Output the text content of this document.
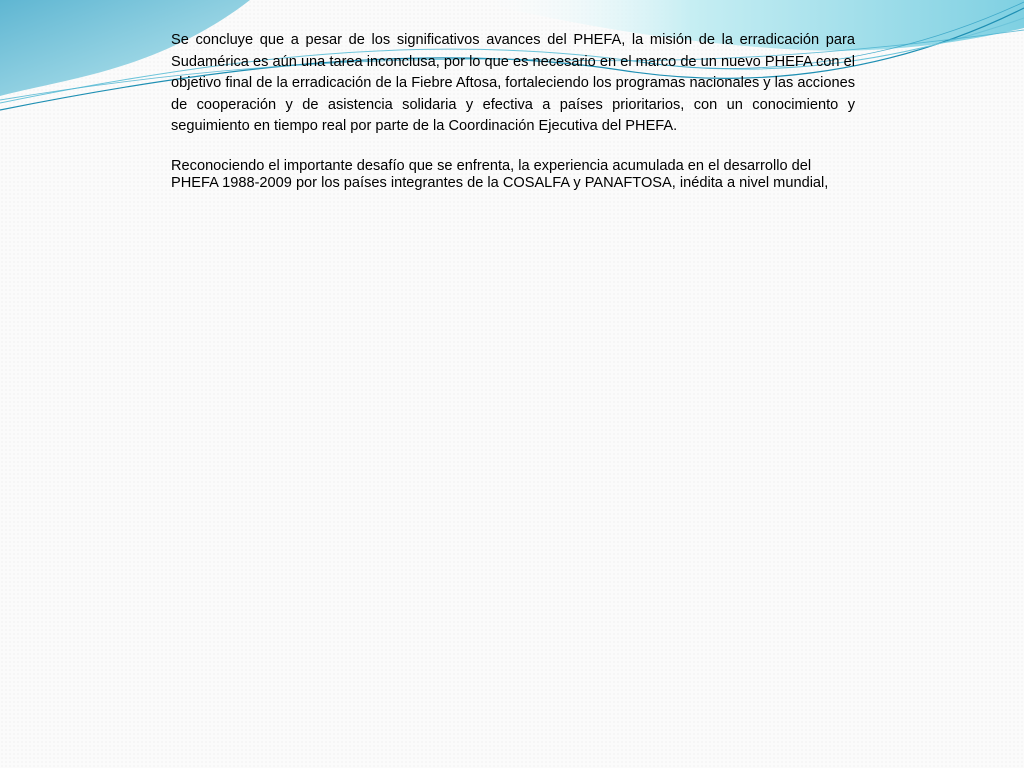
Se concluye que a pesar de los significativos avances del PHEFA, la misión de la erradicación para Sudamérica es aún una tarea inconclusa, por lo que es necesario en el marco de un nuevo PHEFA con el objetivo final de la erradicación de la Fiebre Aftosa, fortaleciendo los programas nacionales y las acciones de cooperación y de asistencia solidaria y efectiva a países prioritarios, con un conocimiento y seguimiento en tiempo real por parte de la Coordinación Ejecutiva del PHEFA.

Reconociendo el importante desafío que se enfrenta, la experiencia acumulada en el desarrollo del PHEFA 1988-2009 por los países integrantes de la COSALFA y PANAFTOSA, inédita a nivel mundial,
